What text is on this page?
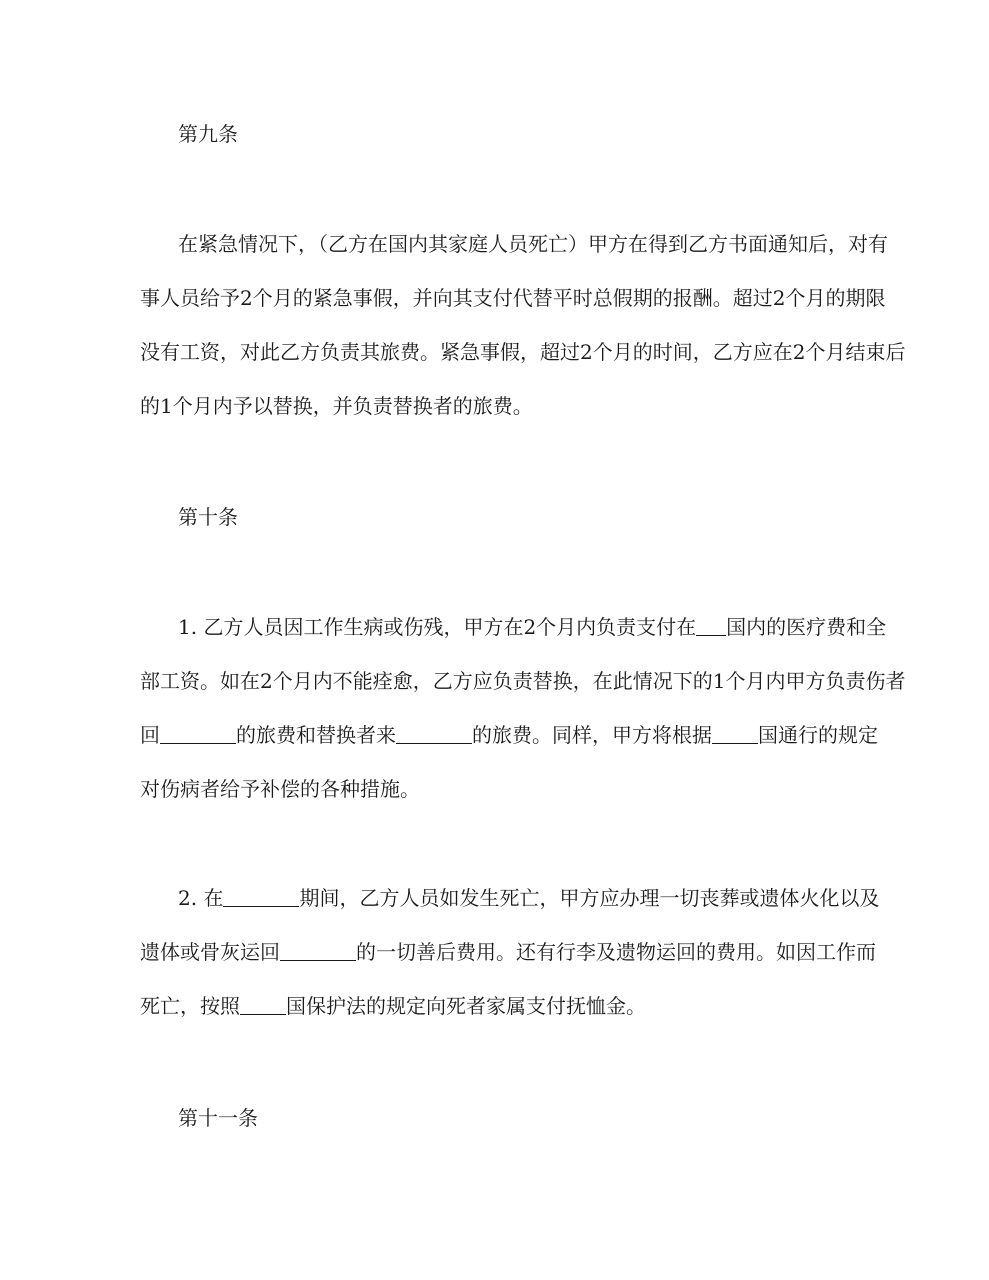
第九条
在紧急情况下，（乙方在国内其家庭人员死亡）甲方在得到乙方书面通知后，对有
事人员给予2个月的紧急事假，并向其支付代替平时总假期的报酬。超过2个月的期限
没有工资，对此乙方负责其旅费。紧急事假，超过2个月的时间，乙方应在2个月结束后
的1个月内予以替换，并负责替换者的旅费。
第十条
1. 乙方人员因工作生病或伤残，甲方在2个月内负责支付在 国内的医疗费和全
部工资。如在2个月内不能痊愈，乙方应负责替换，在此情况下的1个月内甲方负责伤者
回	的旅费和替换者来	的旅费。同样，甲方将根据 国通行的规定
对伤病者给予补偿的各种措施。
2. 在	期间，乙方人员如发生死亡，甲方应办理一切丧葬或遗体火化以及
遗体或骨灰运回	的一切善后费用。还有行李及遗物运回的费用。如因工作而
死亡，按照 国保护法的规定向死者家属支付抚恤金。
第十一条
